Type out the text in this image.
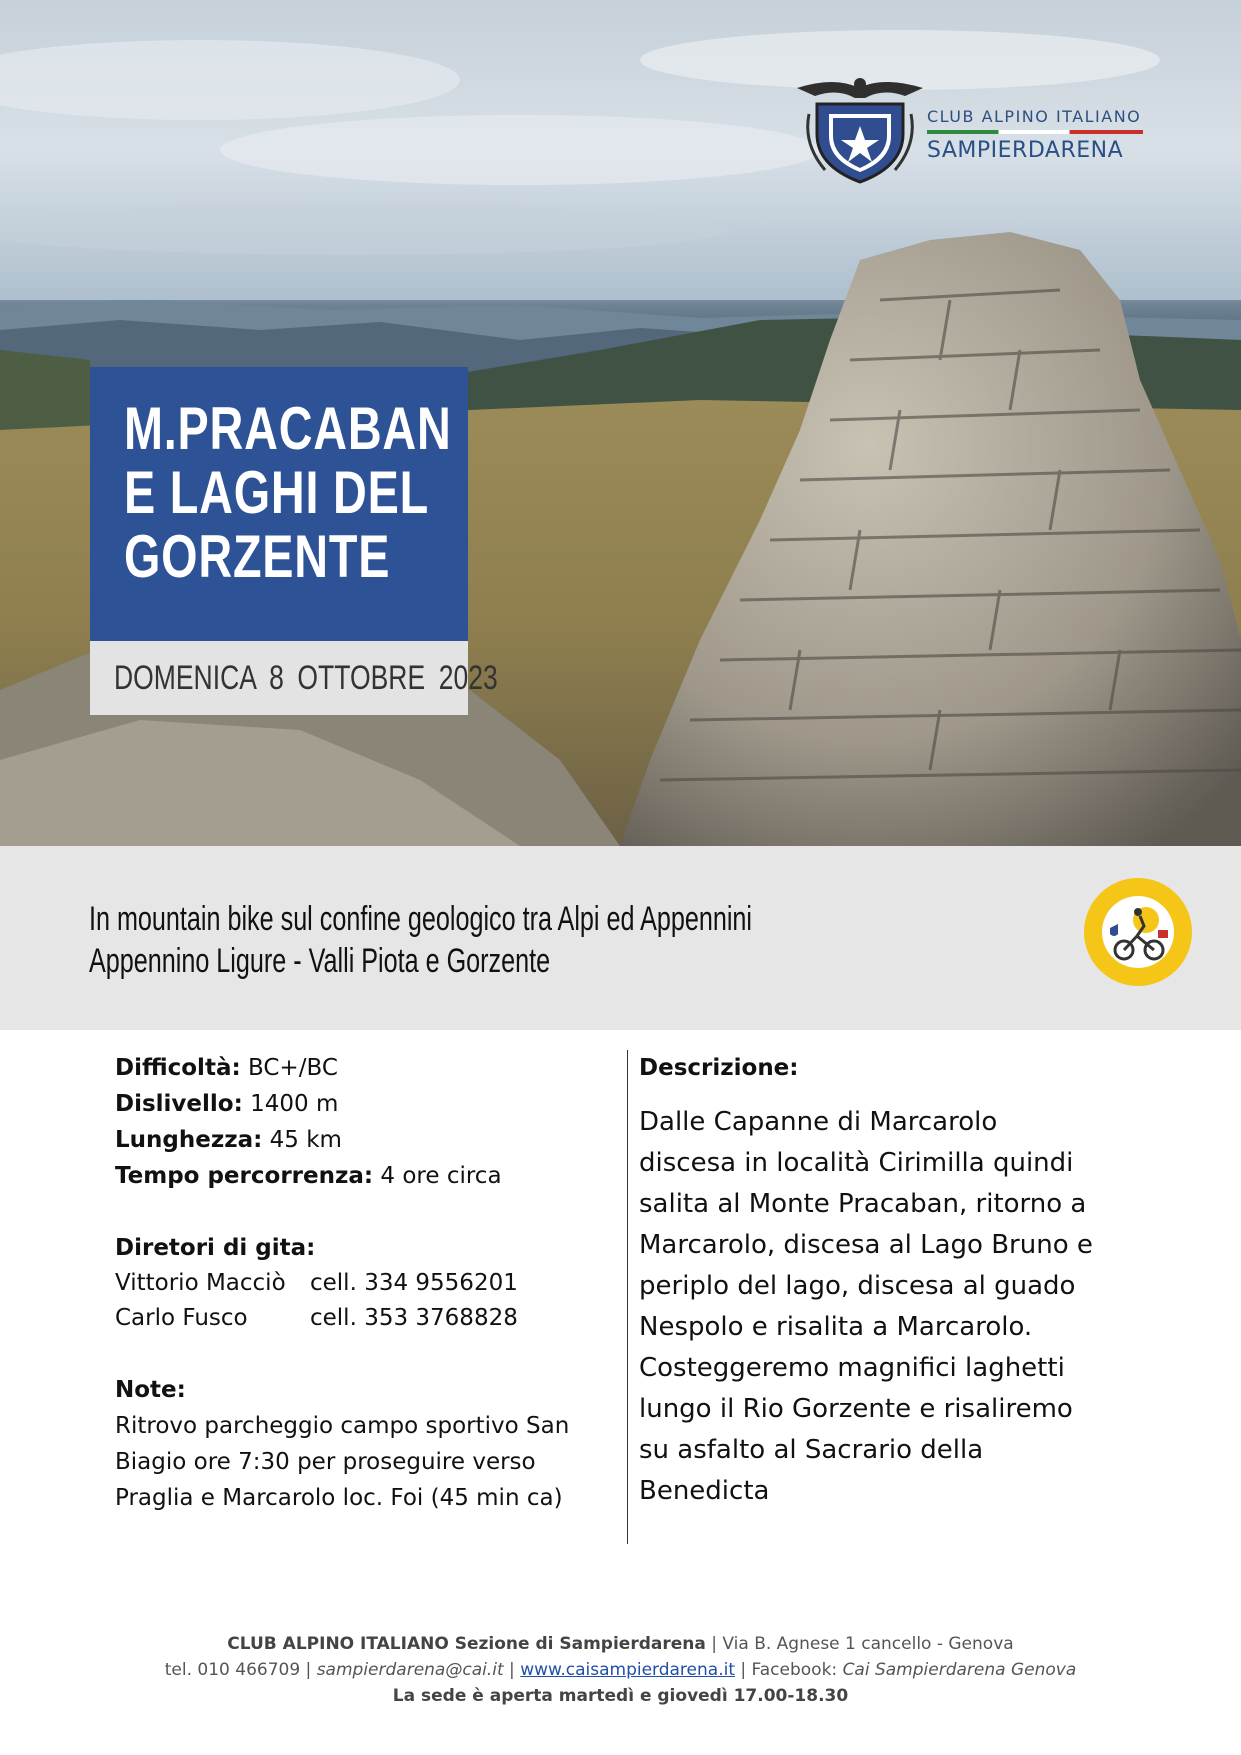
CLUB ALPINO ITALIANO
SAMPIERDARENA
M.PRACABAN
E LAGHI DEL
GORZENTE
DOMENICA 8 OTTOBRE 2023
In mountain bike sul confine geologico tra Alpi ed Appennini
Appennino Ligure - Valli Piota e Gorzente
Difficoltà: BC+/BC
Dislivello: 1400 m
Lunghezza: 45 km
Tempo percorrenza: 4 ore circa
Diretori di gita:
Vittorio Macciò cell. 334 9556201
Carlo Fusco	cell. 353 3768828
Note:
Ritrovo parcheggio campo sportivo San
Biagio ore 7:30 per proseguire verso
Praglia e Marcarolo loc. Foi (45 min ca)
Descrizione:
Dalle Capanne di Marcarolo
discesa in località Cirimilla quindi
salita al Monte Pracaban, ritorno a
Marcarolo, discesa al Lago Bruno e
periplo del lago, discesa al guado
Nespolo e risalita a Marcarolo.
Costeggeremo magnifici laghetti
lungo il Rio Gorzente e risaliremo
su asfalto al Sacrario della
Benedicta
CLUB ALPINO ITALIANO Sezione di Sampierdarena | Via B. Agnese 1 cancello - Genova
tel. 010 466709 | sampierdarena@cai.it | www.caisampierdarena.it | Facebook: Cai Sampierdarena Genova
La sede è aperta martedì e giovedì 17.00-18.30
